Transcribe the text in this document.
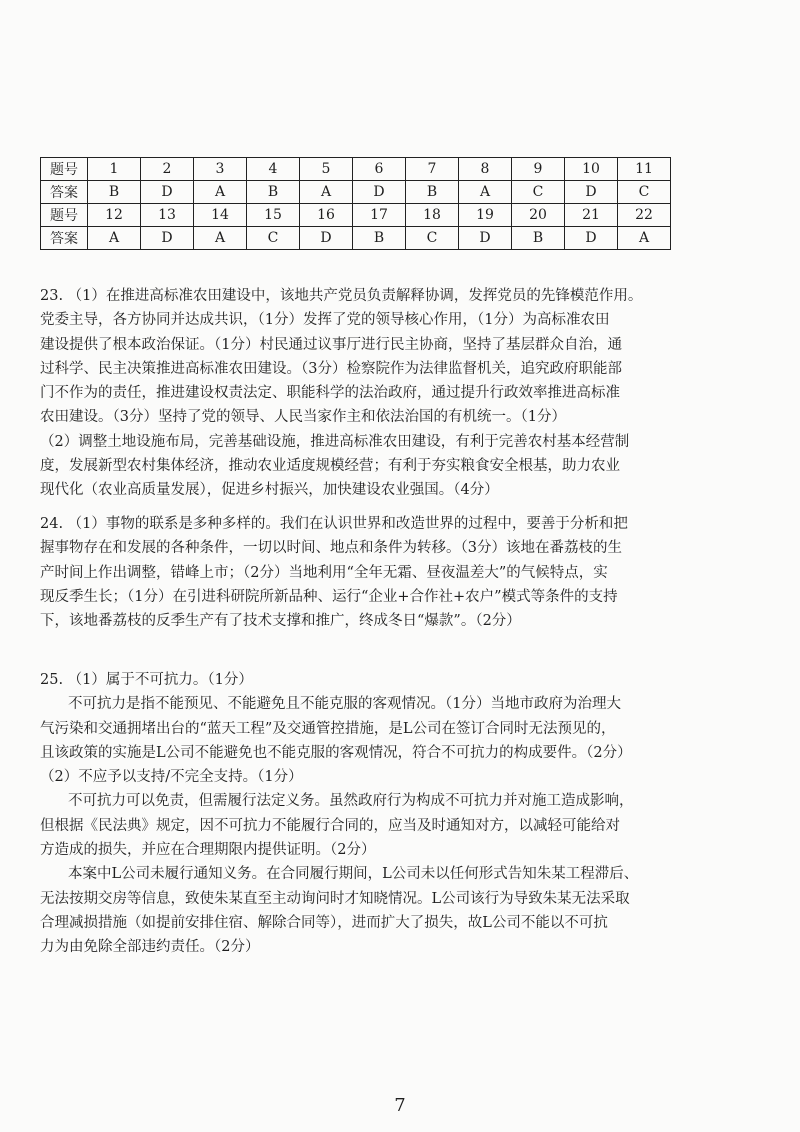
题号	1	2	3	4	5	6	7	8	9	10	11
答案	B	D	A	B	A	D	B	A	C	D	C
题号	12	13	14	15	16	17	18	19	20	21	22
答案	A	D	A	C	D	B	C	D	B	D	A
23. （1）在推进高标准农田建设中，该地共产党员负责解释协调，发挥党员的先锋模范作用。
党委主导，各方协同并达成共识，（1分）发挥了党的领导核心作用，（1分）为高标准农田
建设提供了根本政治保证。（1分）村民通过议事厅进行民主协商，坚持了基层群众自治，通
过科学、民主决策推进高标准农田建设。（3分）检察院作为法律监督机关，追究政府职能部
门不作为的责任，推进建设权责法定、职能科学的法治政府，通过提升行政效率推进高标准
农田建设。（3分）坚持了党的领导、人民当家作主和依法治国的有机统一。（1分）
（2）调整土地设施布局，完善基础设施，推进高标准农田建设，有利于完善农村基本经营制
度，发展新型农村集体经济，推动农业适度规模经营；有利于夯实粮食安全根基，助力农业
现代化（农业高质量发展），促进乡村振兴，加快建设农业强国。（4分）
24. （1）事物的联系是多种多样的。我们在认识世界和改造世界的过程中，要善于分析和把
握事物存在和发展的各种条件，一切以时间、地点和条件为转移。（3分）该地在番荔枝的生
产时间上作出调整，错峰上市；（2分）当地利用“全年无霜、昼夜温差大”的气候特点，实
现反季生长；（1分）在引进科研院所新品种、运行“企业+合作社+农户”模式等条件的支持
下，该地番荔枝的反季生产有了技术支撑和推广，终成冬日“爆款”。（2分）
25. （1）属于不可抗力。（1分）
不可抗力是指不能预见、不能避免且不能克服的客观情况。（1分）当地市政府为治理大
气污染和交通拥堵出台的“蓝天工程”及交通管控措施，是L公司在签订合同时无法预见的，
且该政策的实施是L公司不能避免也不能克服的客观情况，符合不可抗力的构成要件。（2分）
（2）不应予以支持/不完全支持。（1分）
不可抗力可以免责，但需履行法定义务。虽然政府行为构成不可抗力并对施工造成影响，
但根据《民法典》规定，因不可抗力不能履行合同的，应当及时通知对方，以减轻可能给对
方造成的损失，并应在合理期限内提供证明。（2分）
本案中L公司未履行通知义务。在合同履行期间，L公司未以任何形式告知朱某工程滞后、
无法按期交房等信息，致使朱某直至主动询问时才知晓情况。L公司该行为导致朱某无法采取
合理减损措施（如提前安排住宿、解除合同等），进而扩大了损失，故L公司不能以不可抗
力为由免除全部违约责任。（2分）
7
